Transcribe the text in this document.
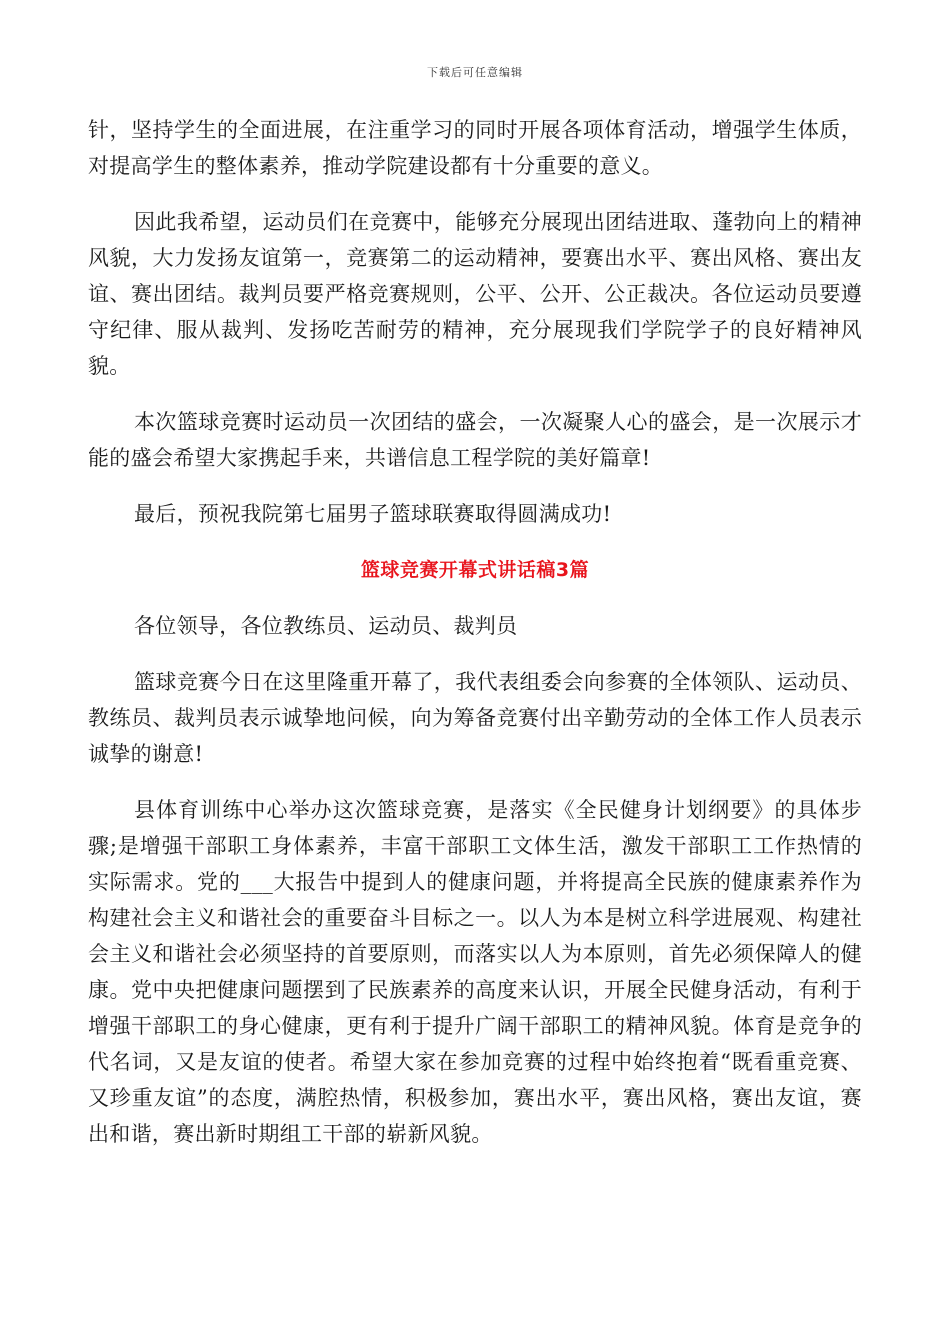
下载后可任意编辑

针，坚持学生的全面进展，在注重学习的同时开展各项体育活动，增强学生体质，对提高学生的整体素养，推动学院建设都有十分重要的意义。

因此我希望，运动员们在竞赛中，能够充分展现出团结进取、蓬勃向上的精神风貌，大力发扬友谊第一，竞赛第二的运动精神，要赛出水平、赛出风格、赛出友谊、赛出团结。裁判员要严格竞赛规则，公平、公开、公正裁决。各位运动员要遵守纪律、服从裁判、发扬吃苦耐劳的精神，充分展现我们学院学子的良好精神风貌。

本次篮球竞赛时运动员一次团结的盛会，一次凝聚人心的盛会，是一次展示才能的盛会希望大家携起手来，共谱信息工程学院的美好篇章!

最后，预祝我院第七届男子篮球联赛取得圆满成功!

篮球竞赛开幕式讲话稿3篇

各位领导，各位教练员、运动员、裁判员

篮球竞赛今日在这里隆重开幕了，我代表组委会向参赛的全体领队、运动员、教练员、裁判员表示诚挚地问候，向为筹备竞赛付出辛勤劳动的全体工作人员表示诚挚的谢意!

县体育训练中心举办这次篮球竞赛，是落实《全民健身计划纲要》的具体步骤;是增强干部职工身体素养，丰富干部职工文体生活，激发干部职工工作热情的实际需求。党的___大报告中提到人的健康问题，并将提高全民族的健康素养作为构建社会主义和谐社会的重要奋斗目标之一。以人为本是树立科学进展观、构建社会主义和谐社会必须坚持的首要原则，而落实以人为本原则，首先必须保障人的健康。党中央把健康问题摆到了民族素养的高度来认识，开展全民健身活动，有利于增强干部职工的身心健康，更有利于提升广阔干部职工的精神风貌。体育是竞争的代名词，又是友谊的使者。希望大家在参加竞赛的过程中始终抱着“既看重竞赛、又珍重友谊”的态度，满腔热情，积极参加，赛出水平，赛出风格，赛出友谊，赛出和谐，赛出新时期组工干部的崭新风貌。
